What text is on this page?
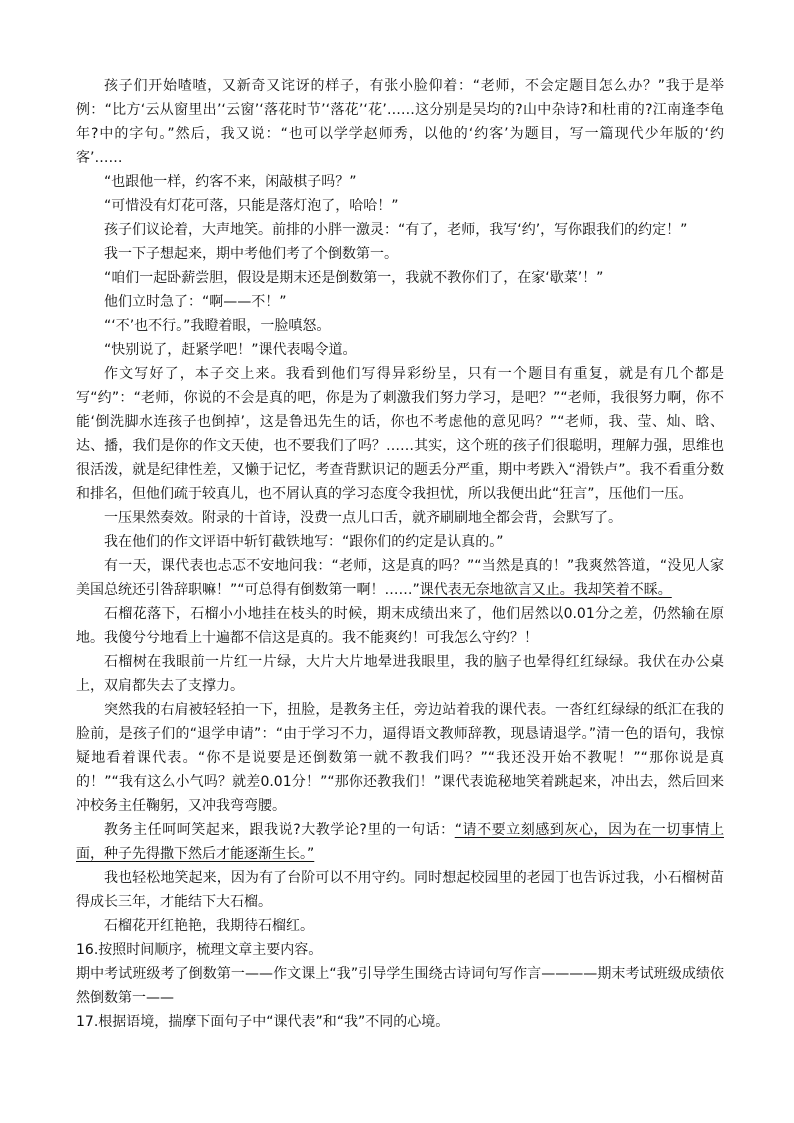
孩子们开始喳喳，又新奇又诧讶的样子，有张小脸仰着：“老师，不会定题目怎么办？”我于是举例：“比方‘云从窗里出’‘云窗’‘落花时节’‘落花’‘花’……这分别是吴均的?山中杂诗?和杜甫的?江南逢李龟年?中的字句。”然后，我又说：“也可以学学赵师秀，以他的‘约客’为题目，写一篇现代少年版的‘约客’……

“也跟他一样，约客不来，闲敲棋子吗？”

“可惜没有灯花可落，只能是落灯泡了，哈哈！”

孩子们议论着，大声地笑。前排的小胖一激灵：“有了，老师，我写‘约’，写你跟我们的约定！”

我一下子想起来，期中考他们考了个倒数第一。

“咱们一起卧薪尝胆，假设是期末还是倒数第一，我就不教你们了，在家‘歇菜’！”

他们立时急了：“啊——不！”

“‘不’也不行。”我瞪着眼，一脸嗔怒。

“快别说了，赶紧学吧！”课代表喝令道。

作文写好了，本子交上来。我看到他们写得异彩纷呈，只有一个题目有重复，就是有几个都是写“约”：“老师，你说的不会是真的吧，你是为了刺激我们努力学习，是吧？”“老师，我很努力啊，你不能‘倒洗脚水连孩子也倒掉’，这是鲁迅先生的话，你也不考虑他的意见吗？”“老师，我、莹、灿、晗、达、播，我们是你的作文天使，也不要我们了吗？……其实，这个班的孩子们很聪明，理解力强，思维也很活泼，就是纪律性差，又懒于记忆，考查背默识记的题丢分严重，期中考跌入“滑铁卢”。我不看重分数和排名，但他们疏于较真儿，也不屑认真的学习态度令我担忧，所以我便出此“狂言”，压他们一压。

一压果然奏效。附录的十首诗，没费一点儿口舌，就齐刷刷地全都会背，会默写了。

我在他们的作文评语中斩钉截铁地写：“跟你们的约定是认真的。”

有一天，课代表也忐忑不安地问我：“老师，这是真的吗？”“当然是真的！”我爽然答道，“没见人家美国总统还引咎辞职嘛！”“可总得有倒数第一啊！……”课代表无奈地欲言又止。我却笑着不睬。

石榴花落下，石榴小小地挂在枝头的时候，期末成绩出来了，他们居然以0.01分之差，仍然输在原地。我傻兮兮地看上十遍都不信这是真的。我不能爽约！可我怎么守约？！

石榴树在我眼前一片红一片绿，大片大片地晕进我眼里，我的脑子也晕得红红绿绿。我伏在办公桌上，双肩都失去了支撑力。

突然我的右肩被轻轻拍一下，扭脸，是教务主任，旁边站着我的课代表。一沓红红绿绿的纸汇在我的脸前，是孩子们的“退学申请”：“由于学习不力，逼得语文教师辞教，现恳请退学。”清一色的语句，我惊疑地看着课代表。“你不是说要是还倒数第一就不教我们吗？”“我还没开始不教呢！”“那你说是真的！”“我有这么小气吗？就差0.01分！”“那你还教我们！”课代表诡秘地笑着跳起来，冲出去，然后回来冲校务主任鞠躬，又冲我弯弯腰。

教务主任呵呵笑起来，跟我说?大教学论?里的一句话：“请不要立刻感到灰心，因为在一切事情上面，种子先得撒下然后才能逐渐生长。”

我也轻松地笑起来，因为有了台阶可以不用守约。同时想起校园里的老园丁也告诉过我，小石榴树苗得成长三年，才能结下大石榴。

石榴花开红艳艳，我期待石榴红。

16.按照时间顺序，梳理文章主要内容。

期中考试班级考了倒数第一——作文课上“我”引导学生围绕古诗词句写作言————期末考试班级成绩依然倒数第一——

17.根据语境，揣摩下面句子中“课代表”和“我”不同的心境。
